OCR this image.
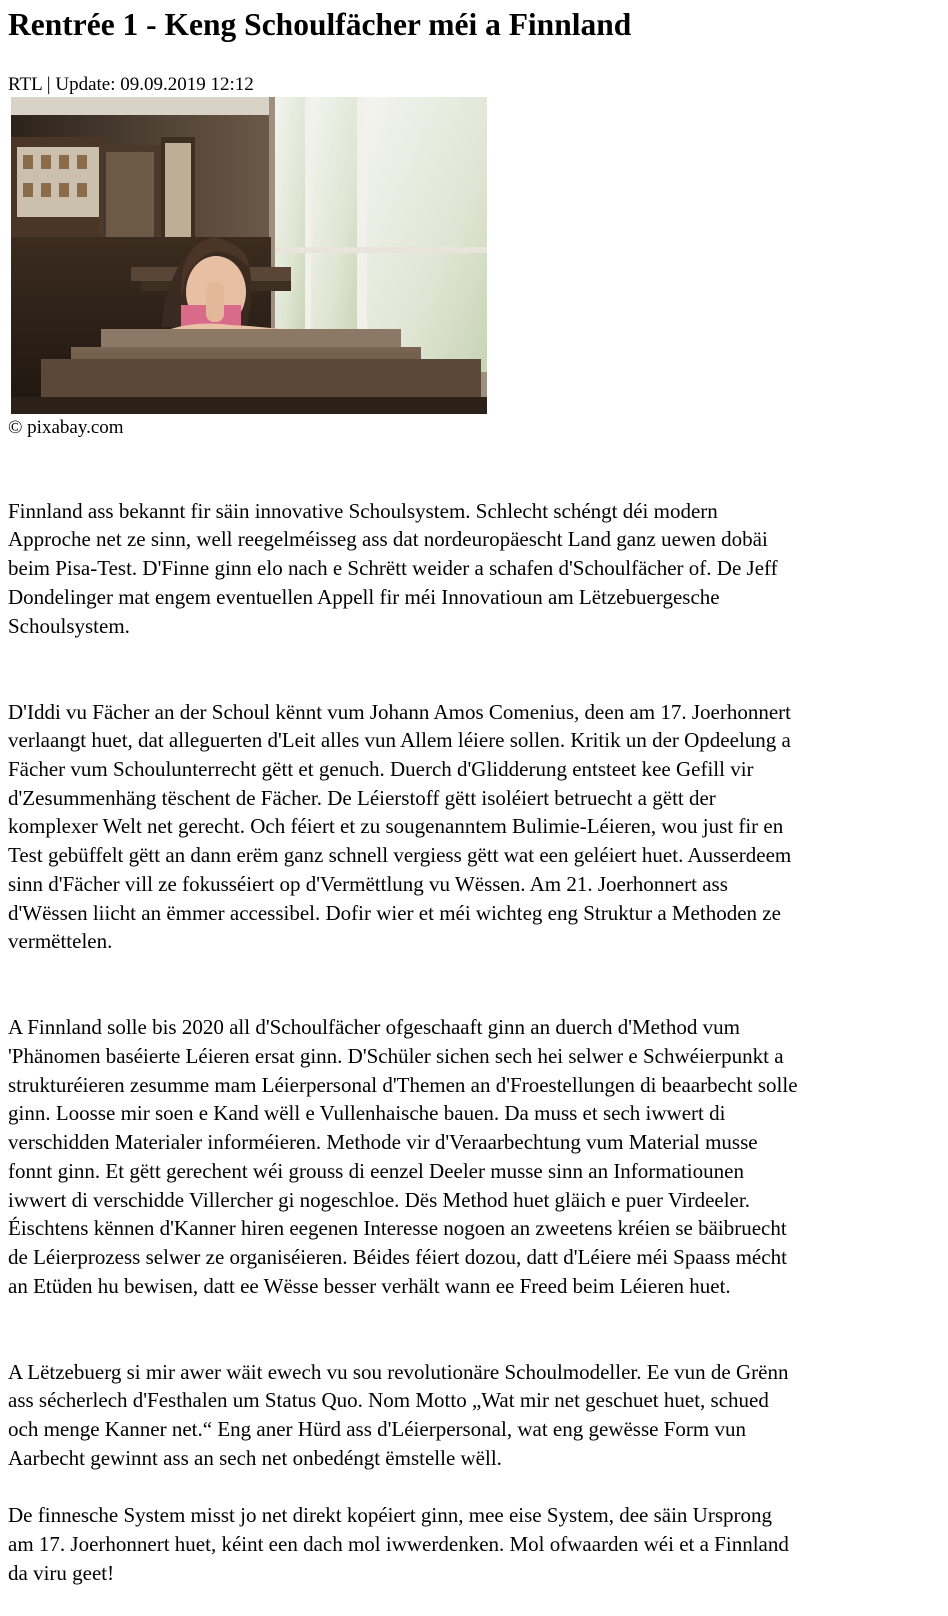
Rentrée 1 - Keng Schoulfächer méi a Finnland
RTL | Update: 09.09.2019 12:12
© pixabay.com

Finnland ass bekannt fir säin innovative Schoulsystem. Schlecht schéngt déi modern
Approche net ze sinn, well reegelméisseg ass dat nordeuropäescht Land ganz uewen dobäi
beim Pisa-Test. D'Finne ginn elo nach e Schrëtt weider a schafen d'Schoulfächer of. De Jeff
Dondelinger mat engem eventuellen Appell fir méi Innovatioun am Lëtzebuergesche
Schoulsystem.

D'Iddi vu Fächer an der Schoul kënnt vum Johann Amos Comenius, deen am 17. Joerhonnert
verlaangt huet, dat alleguerten d'Leit alles vun Allem léiere sollen. Kritik un der Opdeelung a
Fächer vum Schoulunterrecht gëtt et genuch. Duerch d'Glidderung entsteet kee Gefill vir
d'Zesummenhäng tëschent de Fächer. De Léierstoff gëtt isoléiert betruecht a gëtt der
komplexer Welt net gerecht. Och féiert et zu sougenanntem Bulimie-Léieren, wou just fir en
Test gebüffelt gëtt an dann erëm ganz schnell vergiess gëtt wat een geléiert huet. Ausserdeem
sinn d'Fächer vill ze fokusséiert op d'Vermëttlung vu Wëssen. Am 21. Joerhonnert ass
d'Wëssen liicht an ëmmer accessibel. Dofir wier et méi wichteg eng Struktur a Methoden ze
vermëttelen.

A Finnland solle bis 2020 all d'Schoulfächer ofgeschaaft ginn an duerch d'Method vum
'Phänomen baséierte Léieren ersat ginn. D'Schüler sichen sech hei selwer e Schwéierpunkt a
strukturéieren zesumme mam Léierpersonal d'Themen an d'Froestellungen di beaarbecht solle
ginn. Loosse mir soen e Kand wëll e Vullenhaische bauen. Da muss et sech iwwert di
verschidden Materialer informéieren. Methode vir d'Veraarbechtung vum Material musse
fonnt ginn. Et gëtt gerechent wéi grouss di eenzel Deeler musse sinn an Informatiounen
iwwert di verschidde Villercher gi nogeschloe. Dës Method huet gläich e puer Virdeeler.
Éischtens kënnen d'Kanner hiren eegenen Interesse nogoen an zweetens kréien se bäibruecht
de Léierprozess selwer ze organiséieren. Béides féiert dozou, datt d'Léiere méi Spaass mécht
an Etüden hu bewisen, datt ee Wësse besser verhält wann ee Freed beim Léieren huet.

A Lëtzebuerg si mir awer wäit ewech vu sou revolutionäre Schoulmodeller. Ee vun de Grënn
ass sécherlech d'Festhalen um Status Quo. Nom Motto „Wat mir net geschuet huet, schued
och menge Kanner net.“ Eng aner Hürd ass d'Léierpersonal, wat eng gewësse Form vun
Aarbecht gewinnt ass an sech net onbedéngt ëmstelle wëll.

De finnesche System misst jo net direkt kopéiert ginn, mee eise System, dee säin Ursprong
am 17. Joerhonnert huet, kéint een dach mol iwwerdenken. Mol ofwaarden wéi et a Finnland
da viru geet!
